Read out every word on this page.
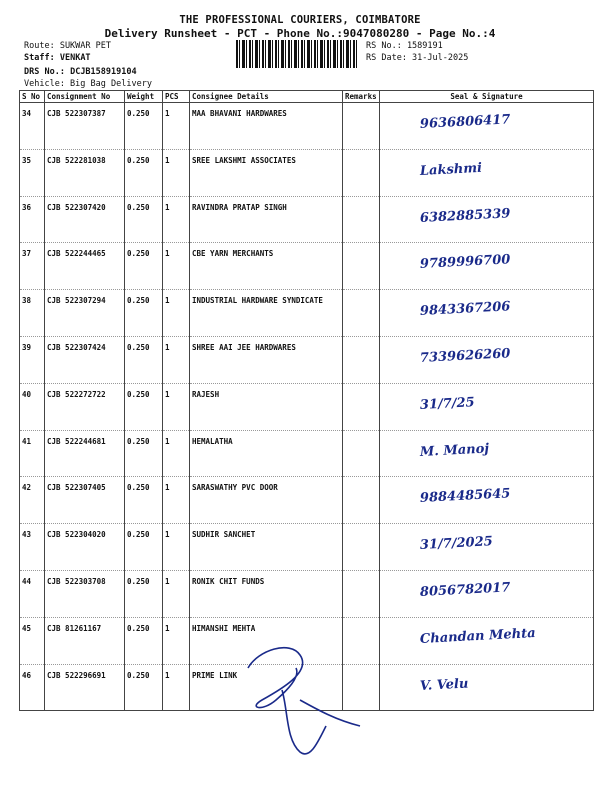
THE PROFESSIONAL COURIERS, COIMBATORE
Delivery Runsheet - PCT - Phone No.:9047080280 - Page No.:4
Route: SUKWAR PET
Staff: VENKAT
DRS No.: DCJB158919104
Vehicle: Big Bag Delivery
RS No.: 1589191
RS Date: 31-Jul-2025
S No	Consignment No	Weight	PCS	Consignee Details	Remarks	Seal & Signature
34	CJB 522307387	0.250	1	MAA BHAVANI HARDWARES		9636806417

35	CJB 522281038	0.250	1	SREE LAKSHMI ASSOCIATES		Lakshmi

36	CJB 522307420	0.250	1	RAVINDRA PRATAP SINGH		6382885339

37	CJB 522244465	0.250	1	CBE YARN MERCHANTS		9789996700

38	CJB 522307294	0.250	1	INDUSTRIAL HARDWARE SYNDICATE		9843367206

39	CJB 522307424	0.250	1	SHREE AAI JEE HARDWARES		7339626260

40	CJB 522272722	0.250	1	RAJESH		31/7/25

41	CJB 522244681	0.250	1	HEMALATHA		M. Manoj

42	CJB 522307405	0.250	1	SARASWATHY PVC DOOR		9884485645

43	CJB 522304020	0.250	1	SUDHIR SANCHET		31/7/2025

44	CJB 522303708	0.250	1	RONIK CHIT FUNDS		8056782017

45	CJB 81261167	0.250	1	HIMANSHI MEHTA		Chandan Mehta

46	CJB 522296691	0.250	1	PRIME LINK		V. Velu
